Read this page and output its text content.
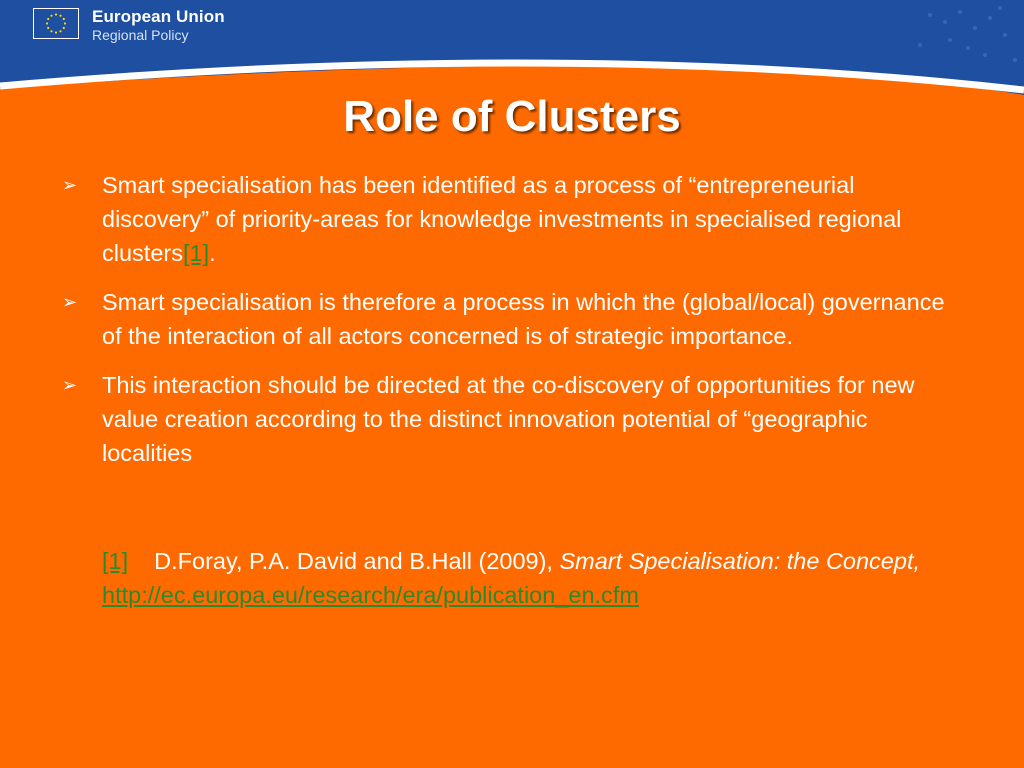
European Union
Regional Policy
Role of Clusters
➢ Smart specialisation has been identified as a process of “entrepreneurial discovery” of priority-areas for knowledge investments in specialised regional clusters[1].
➢ Smart specialisation is therefore a process in which the (global/local) governance of the interaction of all actors concerned is of strategic importance.
➢ This interaction should be directed at the co-discovery of opportunities for new value creation according to the distinct innovation potential of “geographic localities
[1] D.Foray, P.A. David and B.Hall (2009), Smart Specialisation: the Concept, http://ec.europa.eu/research/era/publication_en.cfm
